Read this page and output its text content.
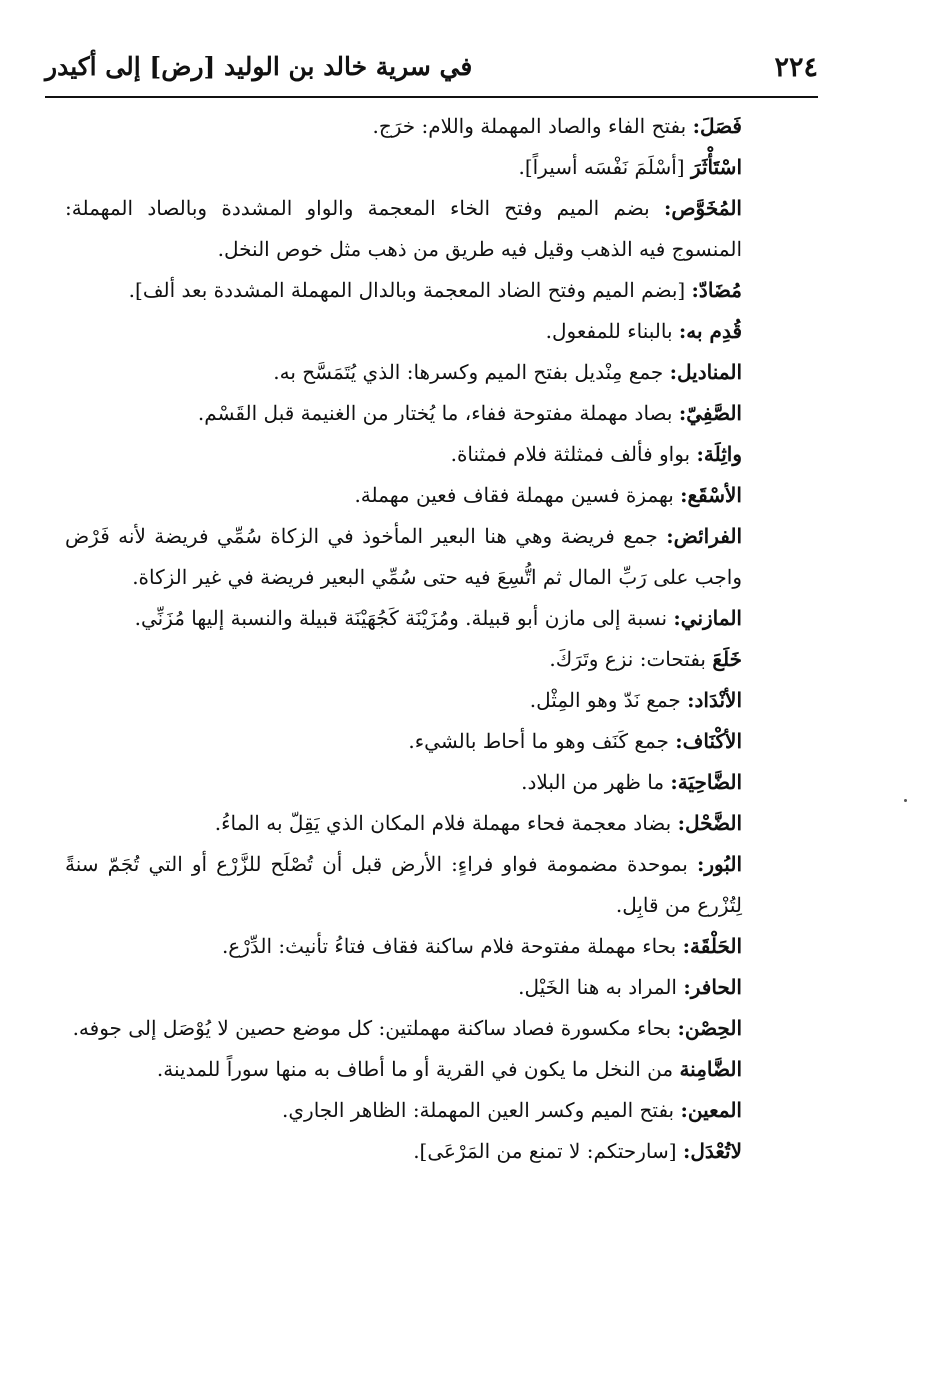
٢٢٤
في سرية خالد بن الوليد [رض] إلى أكيدر

فَصَلَ: بفتح الفاء والصاد المهملة واللام: خرَج.

اسْتَأْثَرَ [أسْلَمَ نَفْسَه أسيراً].

المُخَوَّص: بضم الميم وفتح الخاء المعجمة والواو المشددة وبالصاد المهملة: المنسوج فيه الذهب وقيل فيه طريق من ذهب مثل خوص النخل.

مُضَادّ: [بضم الميم وفتح الضاد المعجمة وبالدال المهملة المشددة بعد ألف].

قُدِم به: بالبناء للمفعول.

المناديل: جمع مِنْديل بفتح الميم وكسرها: الذي يُتَمَسَّح به.

الصَّفِيّ: بصاد مهملة مفتوحة ففاء، ما يُختار من الغنيمة قبل القَسْم.

واثِلَة: بواو فألف فمثلثة فلام فمثناة.

الأسْقَع: بهمزة فسين مهملة فقاف فعين مهملة.

الفرائض: جمع فريضة وهي هنا البعير المأخوذ في الزكاة سُمِّي فريضة لأنه فَرْض واجب على رَبِّ المال ثم اتُّسِعَ فيه حتى سُمِّي البعير فريضة في غير الزكاة.

المازني: نسبة إلى مازن أبو قبيلة. ومُزَيْنَة كَجُهَيْنَة قبيلة والنسبة إليها مُزَنِّي.

خَلَعَ بفتحات: نزع وتَرَكَ.

الأنْدَاد: جمع نَدّ وهو المِثْل.

الأكْنَاف: جمع كَنَف وهو ما أحاط بالشيء.

الضَّاحِيَة: ما ظهر من البلاد.

الضَّحْل: بضاد معجمة فحاء مهملة فلام المكان الذي يَقِلّ به الماءُ.

البُور: بموحدة مضمومة فواو فراءٍ: الأرض قبل أن تُصْلَح للزَّرْع أو التي تُجَمّ سنةً لِتُزْرع من قابِل.

الحَلْقَة: بحاء مهملة مفتوحة فلام ساكنة فقاف فتاءُ تأنيث: الدِّرْع.

الحافر: المراد به هنا الخَيْل.

الحِصْن: بحاء مكسورة فصاد ساكنة مهملتين: كل موضع حصين لا يُوْصَل إلى جوفه.

الضَّامِنة من النخل ما يكون في القرية أو ما أطاف به منها سوراً للمدينة.

المعين: بفتح الميم وكسر العين المهملة: الظاهر الجاري.

لاتُعْدَل: [سارحتكم: لا تمنع من المَرْعَى].
